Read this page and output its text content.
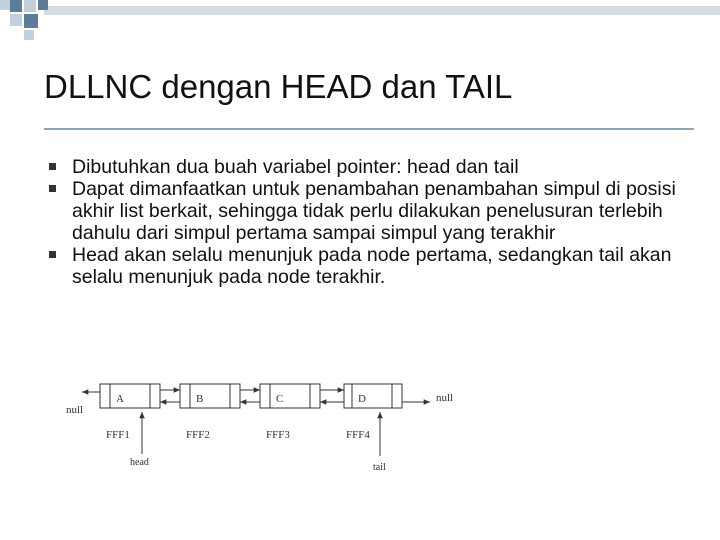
DLLNC dengan HEAD dan TAIL
Dibutuhkan dua buah variabel pointer: head dan tail
Dapat dimanfaatkan untuk penambahan penambahan simpul di posisi akhir list berkait, sehingga tidak perlu dilakukan penelusuran terlebih dahulu dari simpul pertama sampai simpul yang terakhir
Head akan selalu menunjuk pada node pertama, sedangkan tail akan selalu menunjuk pada node terakhir.
null
A
FFF1
B
FFF2
C
FFF3
D
FFF4
null
head	tail
